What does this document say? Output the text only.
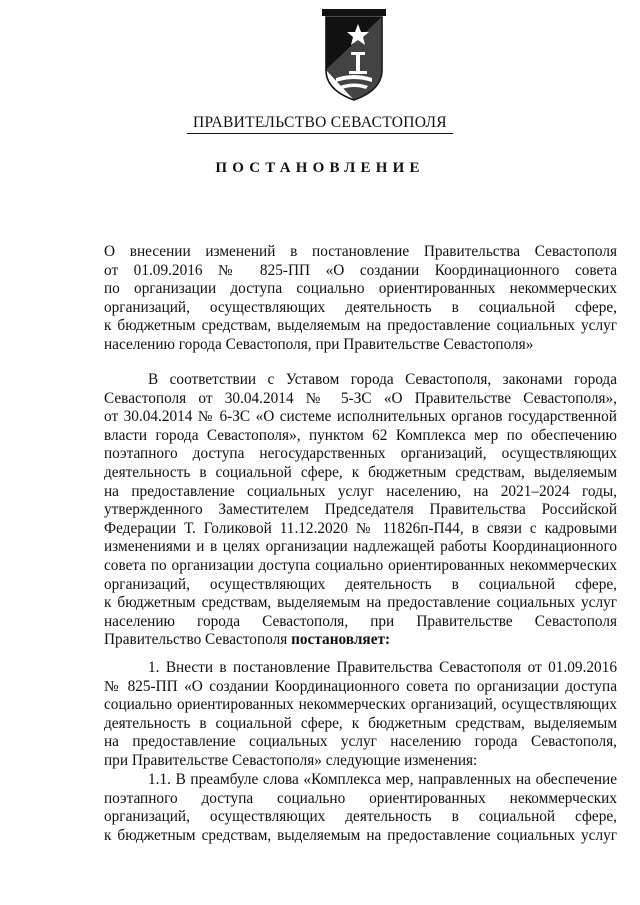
ПРАВИТЕЛЬСТВО СЕВАСТОПОЛЯ
ПОСТАНОВЛЕНИЕ
О внесении изменений в постановление Правительства Севастополя
от 01.09.2016 № 825-ПП «О создании Координационного совета
по организации доступа социально ориентированных некоммерческих
организаций, осуществляющих деятельность в социальной сфере,
к бюджетным средствам, выделяемым на предоставление социальных услуг
населению города Севастополя, при Правительстве Севастополя»
В соответствии с Уставом города Севастополя, законами города
Севастополя от 30.04.2014 № 5-ЗС «О Правительстве Севастополя»,
от 30.04.2014 № 6-ЗС «О системе исполнительных органов государственной
власти города Севастополя», пунктом 62 Комплекса мер по обеспечению
поэтапного доступа негосударственных организаций, осуществляющих
деятельность в социальной сфере, к бюджетным средствам, выделяемым
на предоставление социальных услуг населению, на 2021–2024 годы,
утвержденного Заместителем Председателя Правительства Российской
Федерации Т. Голиковой 11.12.2020 № 11826п-П44, в связи с кадровыми
изменениями и в целях организации надлежащей работы Координационного
совета по организации доступа социально ориентированных некоммерческих
организаций, осуществляющих деятельность в социальной сфере,
к бюджетным средствам, выделяемым на предоставление социальных услуг
населению города Севастополя, при Правительстве Севастополя
Правительство Севастополя постановляет:
1. Внести в постановление Правительства Севастополя от 01.09.2016
№ 825-ПП «О создании Координационного совета по организации доступа
социально ориентированных некоммерческих организаций, осуществляющих
деятельность в социальной сфере, к бюджетным средствам, выделяемым
на предоставление социальных услуг населению города Севастополя,
при Правительстве Севастополя» следующие изменения:
1.1. В преамбуле слова «Комплекса мер, направленных на обеспечение
поэтапного доступа социально ориентированных некоммерческих
организаций, осуществляющих деятельность в социальной сфере,
к бюджетным средствам, выделяемым на предоставление социальных услуг
